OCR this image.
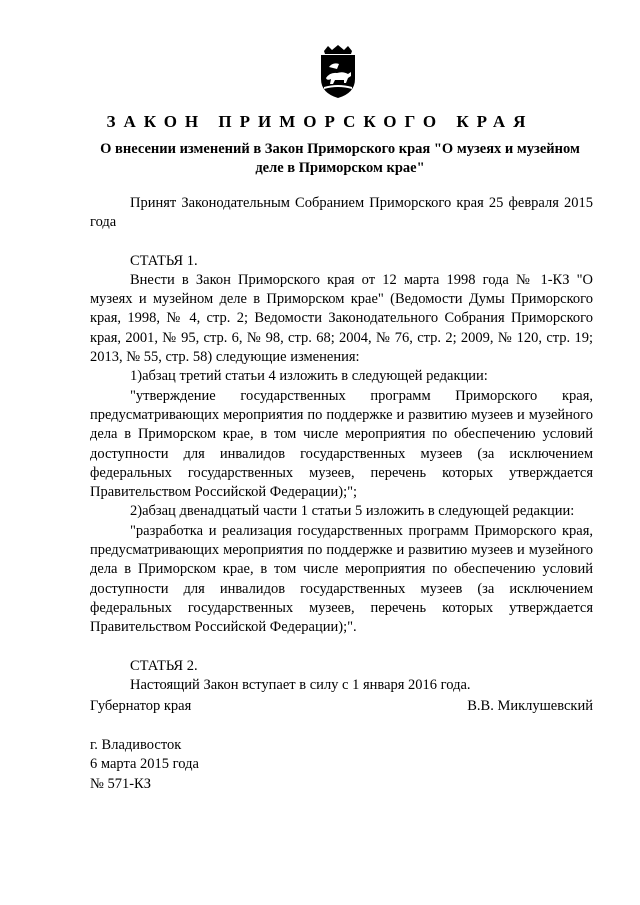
ЗАКОН ПРИМОРСКОГО КРАЯ
О внесении изменений в Закон Приморского края "О музеях и музейном
деле в Приморском крае"

Принят Законодательным Собранием Приморского края 25 февраля 2015 года

СТАТЬЯ 1.

Внести в Закон Приморского края от 12 марта 1998 года № 1-КЗ "О музеях и музейном деле в Приморском крае" (Ведомости Думы Приморского края, 1998, № 4, стр. 2; Ведомости Законодательного Собрания Приморского края, 2001, № 95, стр. 6, № 98, стр. 68; 2004, № 76, стр. 2; 2009, № 120, стр. 19; 2013, № 55, стр. 58) следующие изменения:

1)абзац третий статьи 4 изложить в следующей редакции:

"утверждение государственных программ Приморского края, предусматривающих мероприятия по поддержке и развитию музеев и музейного дела в Приморском крае, в том числе мероприятия по обеспечению условий доступности для инвалидов государственных музеев (за исключением федеральных государственных музеев, перечень которых утверждается Правительством Российской Федерации);";

2)абзац двенадцатый части 1 статьи 5 изложить в следующей редакции:

"разработка и реализация государственных программ Приморского края, предусматривающих мероприятия по поддержке и развитию музеев и музейного дела в Приморском крае, в том числе мероприятия по обеспечению условий доступности для инвалидов государственных музеев (за исключением федеральных государственных музеев, перечень которых утверждается Правительством Российской Федерации);".

СТАТЬЯ 2.

Настоящий Закон вступает в силу с 1 января 2016 года.

Губернатор края	В.В. Миклушевский
г. Владивосток
6 марта 2015 года
№ 571-КЗ
